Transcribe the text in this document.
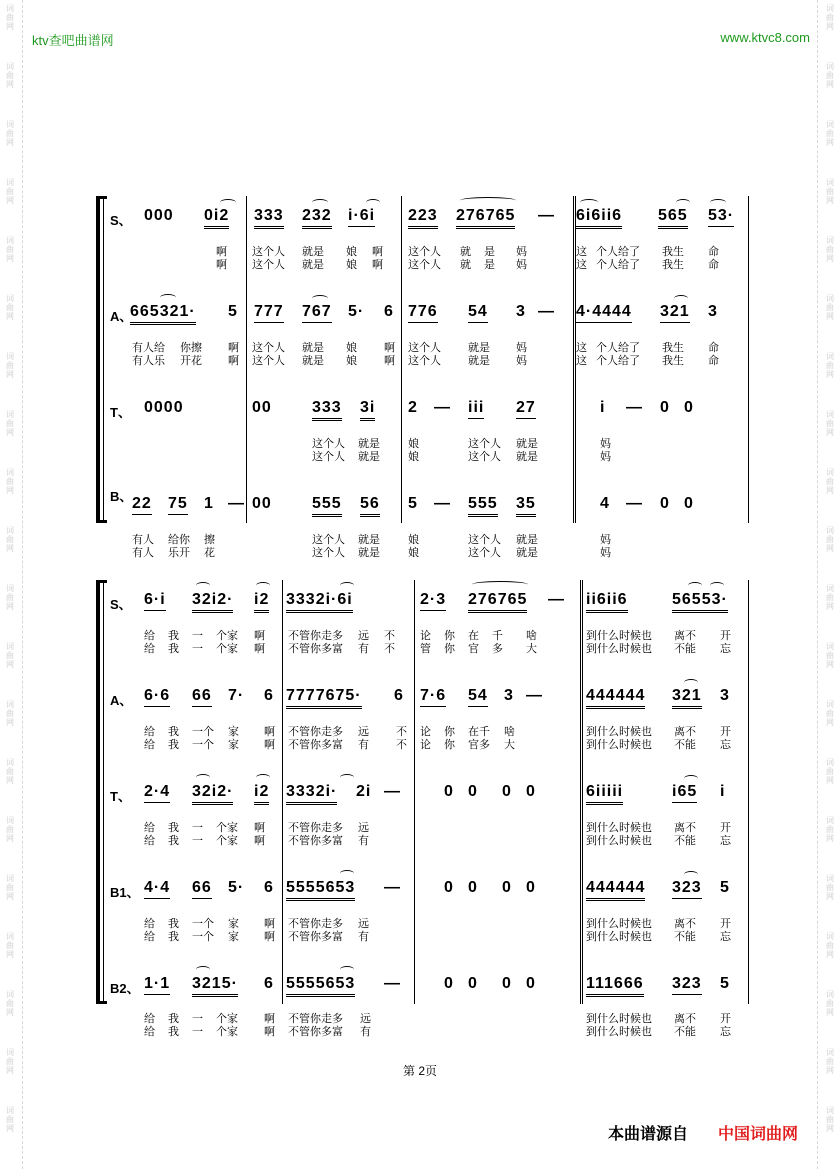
词
曲
网
词
曲
网
词
曲
网
词
曲
网
词
曲
网
词
曲
网
词
曲
网
词
曲
网
词
曲
网
词
曲
网
词
曲
网
词
曲
网
词
曲
网
词
曲
网
词
曲
网
词
曲
网
词
曲
网
词
曲
网
词
曲
网
词
曲
网
词
曲
网
词
曲
网
词
曲
网
词
曲
网
词
曲
网
词
曲
网
词
曲
网
词
曲
网
词
曲
网
词
曲
网
词
曲
网
词
曲
网
词
曲
网
词
曲
网
词
曲
网
词
曲
网
词
曲
网
词
曲
网
词
曲
网
词
曲
网
ktv查吧曲谱网	www.ktvc8.com
S、 000 0i2 333 232 i·6i 223 276765 — 6i6ii6 565 53·
啊 这个人 就是 娘 啊 这个人 就 是 妈	这 个人给了 我生 命
啊 这个人 就是 娘 啊 这个人 就 是 妈	这 个人给了 我生 命
A、
665321· 5 777 767 5· 6 776 54 3 — 4·4444 321 3
有人给 你擦 啊 这个人 就是 娘 啊 这个人 就是 妈	这 个人给了 我生 命
有人乐 开花 啊 这个人 就是 娘 啊 这个人 就是 妈	这 个人给了 我生 命
T、 0000	00	333 3i 2 — iii 27	i — 0 0
这个人 就是	娘	这个人 就是	妈
这个人 就是	娘	这个人 就是	妈
B、 22 75 1 — 00	555 56 5 — 555 35	4 — 0 0
有人 给你 擦	这个人 就是	娘	这个人 就是	妈
有人 乐开 花	这个人 就是	娘	这个人 就是	妈
S、 6·i 32i2· i2 3332i·6i	2·3 276765 — ii6ii6	56553·
给 我 一 个家 啊 不管你走多 远 不 论 你 在 千 啥	到什么时候也 离不 开
给 我 一 个家 啊 不管你多富 有 不 管 你 官 多 大	到什么时候也 不能 忘
A、 6·6 66 7· 6 7777675· 6 7·6 54 3 —	444444 321 3
给 我 一个 家 啊 不管你走多 远 不 论 你 在千 啥	到什么时候也 离不 开
给 我 一个 家 啊 不管你多富 有 不 论 你 官多 大	到什么时候也 不能 忘
T、 2·4 32i2· i2 3332i· 2i —	0 0 0 0	6iiiii	i65 i
给 我 一 个家 啊 不管你走多 远	到什么时候也 离不 开
给 我 一 个家 啊 不管你多富 有	到什么时候也 不能 忘
B1、 4·4 66 5· 6 5555653 —	0 0 0 0	444444 323 5
给 我 一个 家 啊 不管你走多 远	到什么时候也 离不 开
给 我 一个 家 啊 不管你多富 有	到什么时候也 不能 忘
B2、 1·1 3215· 6 5555653 —	0 0 0 0	111666 323 5
给 我 一 个家 啊 不管你走多 远	到什么时候也 离不 开
给 我 一 个家 啊 不管你多富 有	到什么时候也 不能 忘
第 2页
本曲谱源自 中国词曲网
